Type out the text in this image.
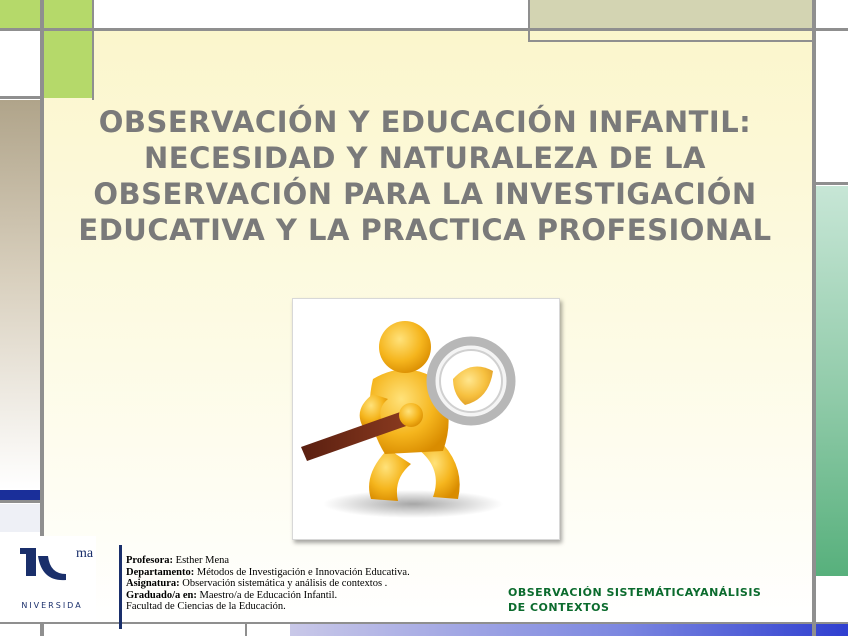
OBSERVACIÓN Y EDUCACIÓN INFANTIL:
NECESIDAD Y NATURALEZA DE LA
OBSERVACIÓN PARA LA INVESTIGACIÓN
EDUCATIVA Y LA PRACTICA PROFESIONAL
ma
NIVERSIDA
Profesora: Esther Mena
Departamento: Métodos de Investigación e Innovación Educativa.
Asignatura: Observación sistemática y análisis de contextos .
Graduado/a en: Maestro/a de Educación Infantil.
Facultad de Ciencias de la Educación.
OBSERVACIÓN SISTEMÁTICAYANÁLISIS
DE CONTEXTOS
